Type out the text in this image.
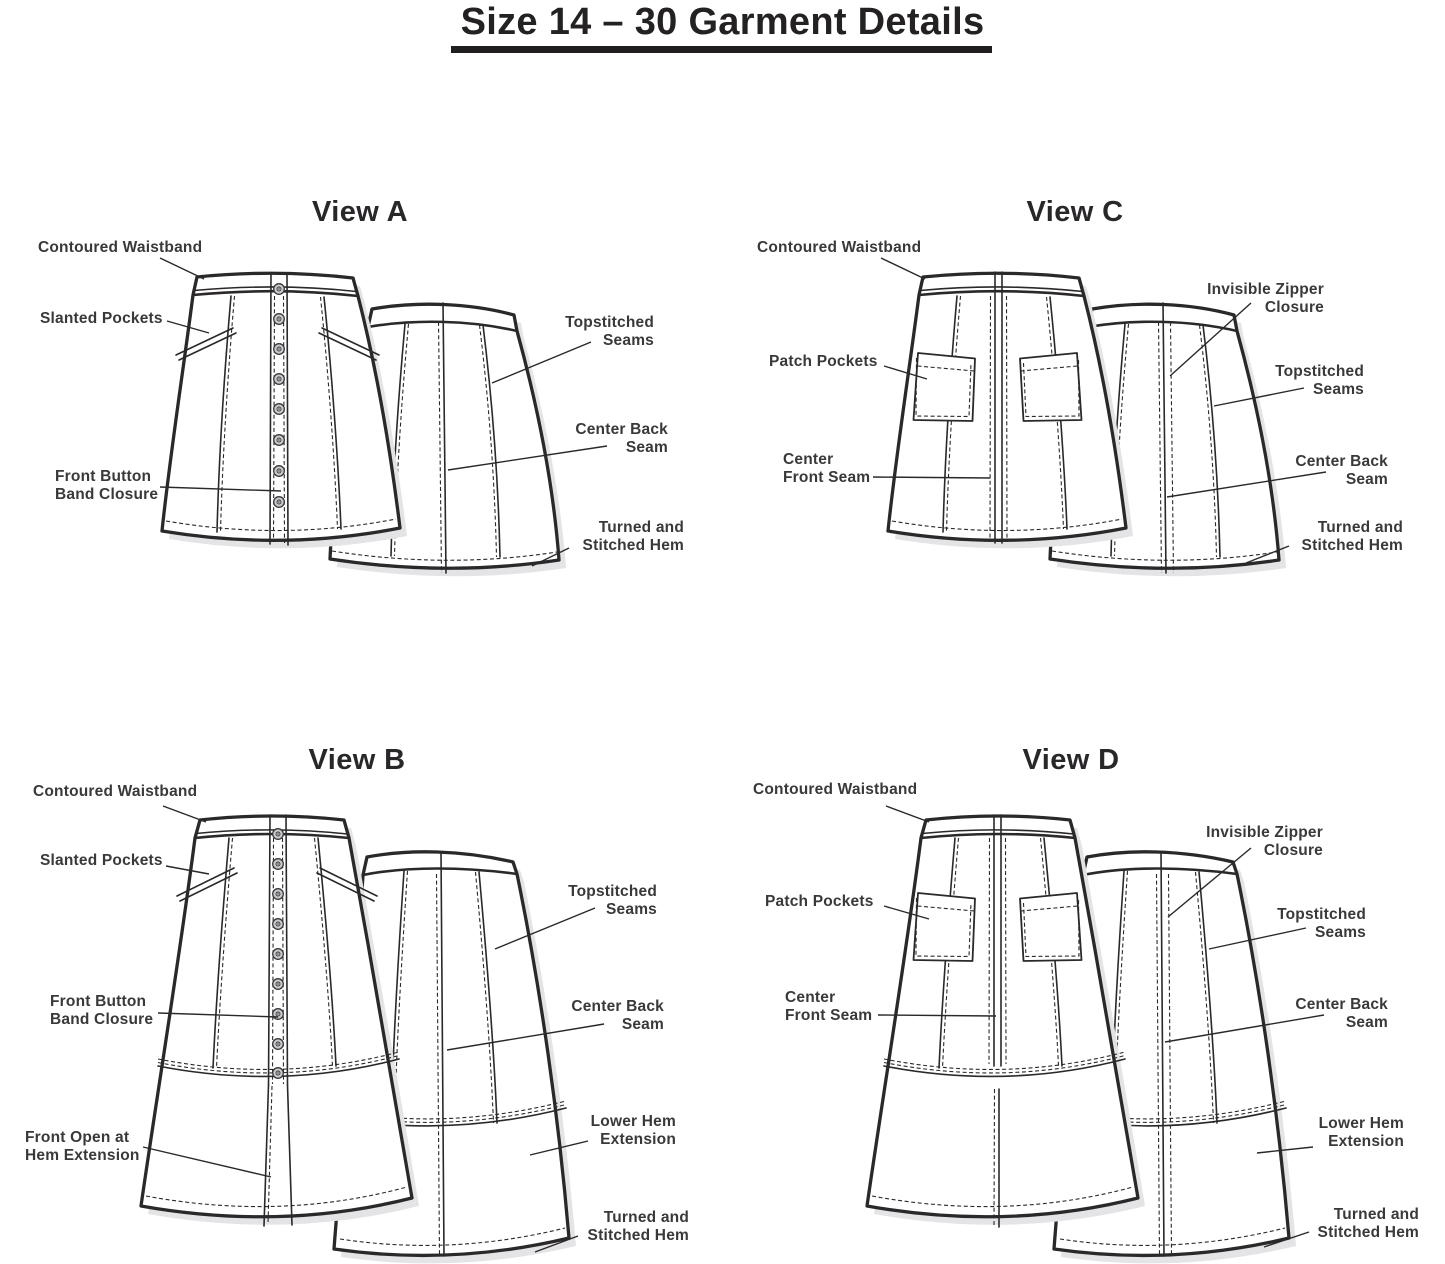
Size 14 – 30 Garment Details
View A	View C
View B	View D
Contoured Waistband
Slanted Pockets
Front Button
Band Closure
Topstitched
Seams
Center Back
Seam
Turned and
Stitched Hem
Contoured Waistband
Patch Pockets
Center
Front Seam
Invisible Zipper
Closure
Topstitched
Seams
Center Back
Seam
Turned and
Stitched Hem
Contoured Waistband
Slanted Pockets
Front Button
Band Closure
Front Open at
Hem Extension
Topstitched
Seams
Center Back
Seam
Lower Hem
Extension
Turned and
Stitched Hem
Contoured Waistband
Patch Pockets
Center
Front Seam
Invisible Zipper
Closure
Topstitched
Seams
Center Back
Seam
Lower Hem
Extension
Turned and
Stitched Hem
